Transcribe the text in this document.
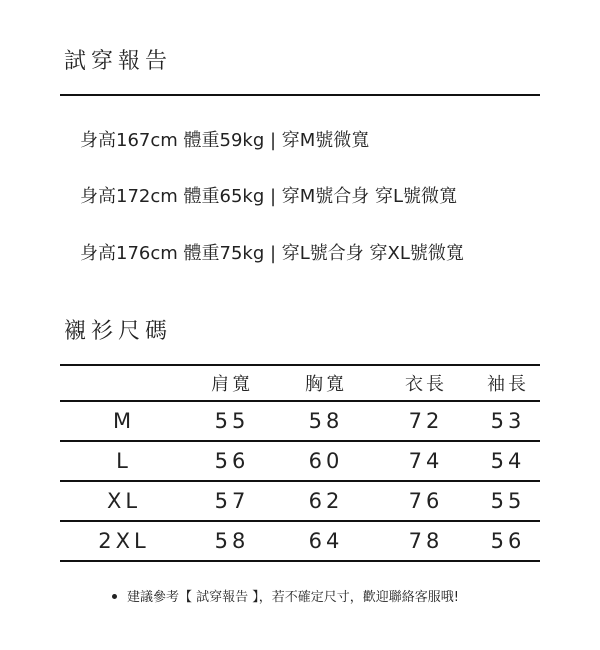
試穿報告
身高167cm 體重59kg | 穿M號微寬
身高172cm 體重65kg | 穿M號合身 穿L號微寬
身高176cm 體重75kg | 穿L號合身 穿XL號微寬
襯衫尺碼
	肩寬	胸寬	衣長	袖長
M	55	58	72	53
L	56	60	74	54
XL	57	62	76	55
2XL	58	64	78	56
建議參考【 試穿報告 】，若不確定尺寸，歡迎聯絡客服哦!
